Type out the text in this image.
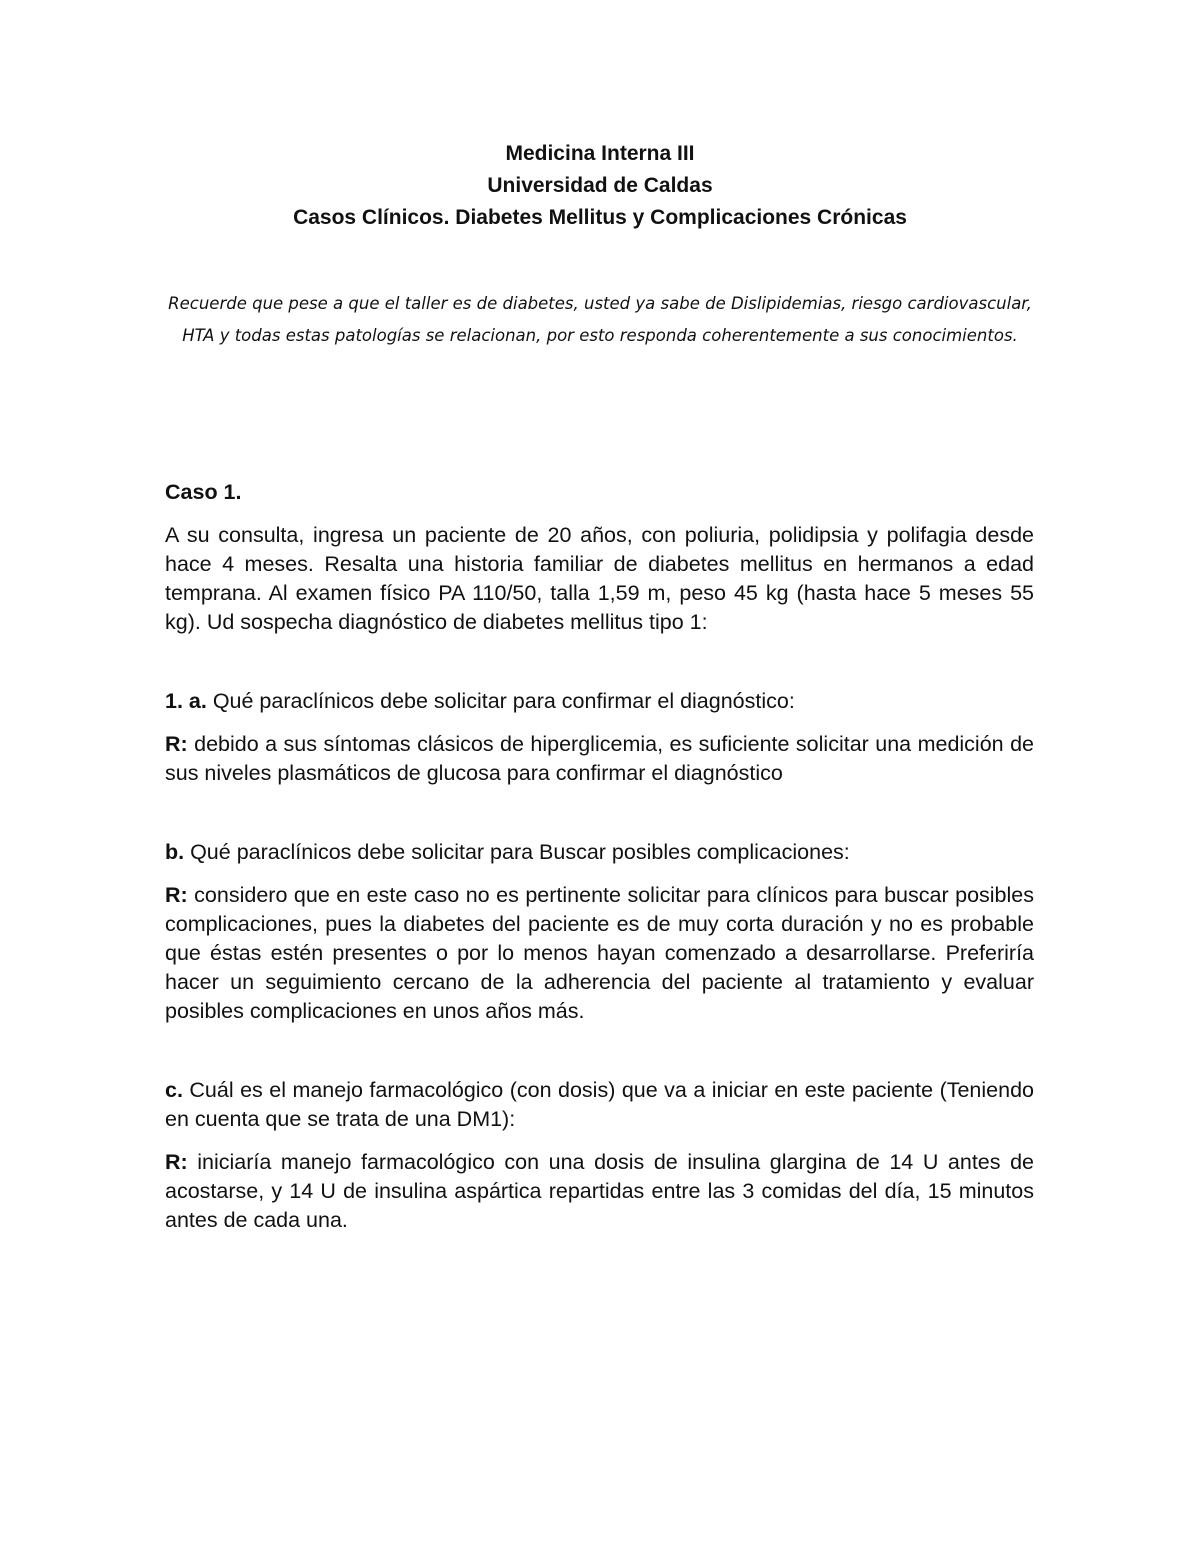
Medicina Interna III
Universidad de Caldas
Casos Clínicos. Diabetes Mellitus y Complicaciones Crónicas
Recuerde que pese a que el taller es de diabetes, usted ya sabe de Dislipidemias, riesgo cardiovascular, HTA y todas estas patologías se relacionan, por esto responda coherentemente a sus conocimientos.
Caso 1.

A su consulta, ingresa un paciente de 20 años, con poliuria, polidipsia y polifagia desde hace 4 meses. Resalta una historia familiar de diabetes mellitus en hermanos a edad temprana. Al examen físico PA 110/50, talla 1,59 m, peso 45 kg (hasta hace 5 meses 55 kg). Ud sospecha diagnóstico de diabetes mellitus tipo 1:

1. a. Qué paraclínicos debe solicitar para confirmar el diagnóstico:

R: debido a sus síntomas clásicos de hiperglicemia, es suficiente solicitar una medición de sus niveles plasmáticos de glucosa para confirmar el diagnóstico

b. Qué paraclínicos debe solicitar para Buscar posibles complicaciones:

R: considero que en este caso no es pertinente solicitar para clínicos para buscar posibles complicaciones, pues la diabetes del paciente es de muy corta duración y no es probable que éstas estén presentes o por lo menos hayan comenzado a desarrollarse. Preferiría hacer un seguimiento cercano de la adherencia del paciente al tratamiento y evaluar posibles complicaciones en unos años más.

c. Cuál es el manejo farmacológico (con dosis) que va a iniciar en este paciente (Teniendo en cuenta que se trata de una DM1):

R: iniciaría manejo farmacológico con una dosis de insulina glargina de 14 U antes de acostarse, y 14 U de insulina aspártica repartidas entre las 3 comidas del día, 15 minutos antes de cada una.
